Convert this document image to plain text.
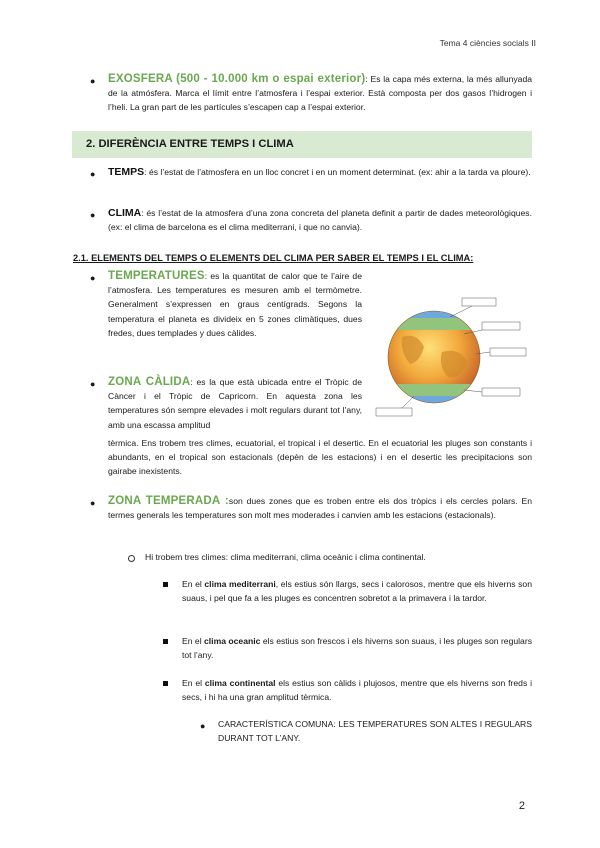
Tema 4 ciències socials II
● EXOSFERA (500 - 10.000 km o espai exterior): Es la capa més externa, la més allunyada de la atmósfera. Marca el límit entre l’atmosfera i l’espai exterior. Està composta per dos gasos l’hidrogen i l’heli. La gran part de les partícules s’escapen cap a l’espai exterior.

2. DIFERÈNCIA ENTRE TEMPS I CLIMA
● TEMPS: és l’estat de l’atmosfera en un lloc concret i en un moment determinat. (ex: ahir a la tarda va ploure).

● CLIMA: és l’estat de la atmosfera d’una zona concreta del planeta definit a partir de dades meteorològiques. (ex: el clima de barcelona es el clima mediterrani, i que no canvia).

2.1. ELEMENTS DEL TEMPS O ELEMENTS DEL CLIMA PER SABER EL TEMPS I EL CLIMA:
● TEMPERATURES: es la quantitat de calor que te l’aire de l’atmosfera. Les temperatures es mesuren amb el termòmetre. Generalment s’expressen en graus centígrads. Segons la temperatura el planeta es divideix en 5 zones climàtiques, dues fredes, dues templades y dues càlides.

● ZONA CÀLIDA: es la que està ubicada entre el Tròpic de Càncer i el Tròpic de Capricorn. En aquesta zona les temperatures són sempre elevades i molt regulars durant tot l’any, amb una escassa amplitud

tèrmica. Ens trobem tres climes, ecuatorial, el tropical i el desertic. En el ecuatorial les pluges son constants i abundants, en el tropical son estacionals (depèn de les estacions) i en el desertic les precipitacions son gairabe inexistents.

● ZONA TEMPERADA :son dues zones que es troben entre els dos tròpics i els cercles polars. En termes generals les temperatures son molt mes moderades i canvien amb les estacions (estacionals).

Hi trobem tres climes: clima mediterrani, clima oceànic i clima continental.

En el clima mediterrani, els estius són llargs, secs i calorosos, mentre que els hiverns son suaus, i pel que fa a les pluges es concentren sobretot a la primavera i la tardor.

En el clima oceanic els estius son frescos i els hiverns son suaus, i les pluges son regulars tot l’any.

En el clima continental els estius son càlids i plujosos, mentre que els hiverns son freds i secs, i hi ha una gran amplitud tèrmica.

● CARACTERÍSTICA COMUNA: LES TEMPERATURES SON ALTES I REGULARS DURANT TOT L’ANY.

2
